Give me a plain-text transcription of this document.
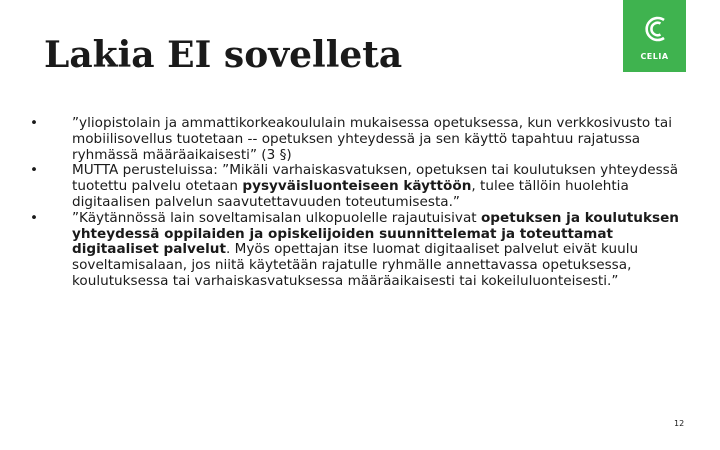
Lakia EI sovelleta	CELIA
• ”yliopistolain ja ammattikorkeakoululain mukaisessa opetuksessa, kun verkkosivusto tai mobiilisovellus tuotetaan -- opetuksen yhteydessä ja sen käyttö tapahtuu rajatussa ryhmässä määräaikaisesti” (3 §)
• MUTTA perusteluissa: ”Mikäli varhaiskasvatuksen, opetuksen tai koulutuksen yhteydessä tuotettu palvelu otetaan pysyväisluonteiseen käyttöön, tulee tällöin huolehtia digitaalisen palvelun saavutettavuuden toteutumisesta.”
• ”Käytännössä lain soveltamisalan ulkopuolelle rajautuisivat opetuksen ja koulutuksen yhteydessä oppilaiden ja opiskelijoiden suunnittelemat ja toteuttamat digitaaliset palvelut. Myös opettajan itse luomat digitaaliset palvelut eivät kuulu soveltamisalaan, jos niitä käytetään rajatulle ryhmälle annettavassa opetuksessa, koulutuksessa tai varhaiskasvatuksessa määräaikaisesti tai kokeiluluonteisesti.”
12
